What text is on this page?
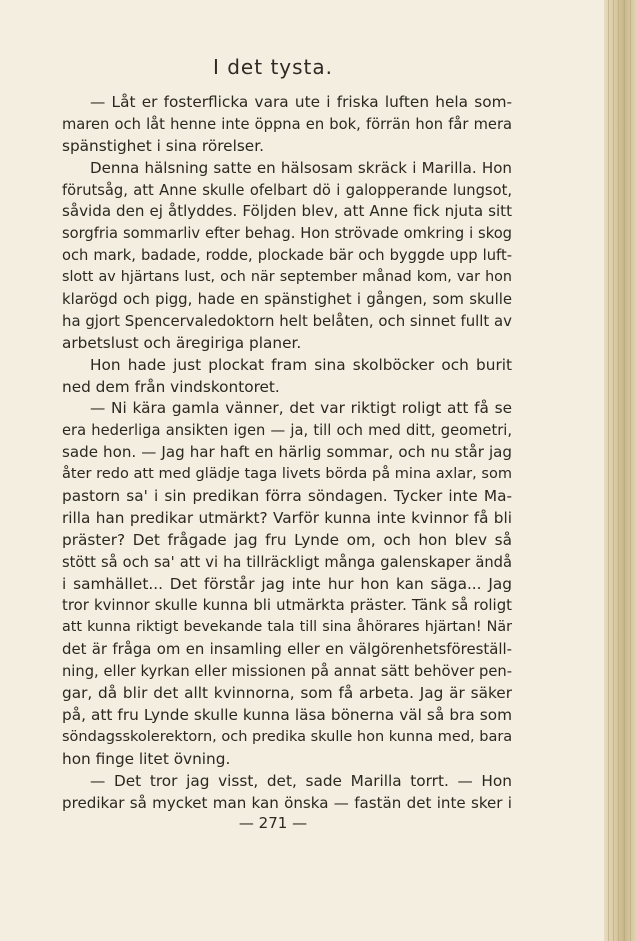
I det tysta.
— Låt er fosterflicka vara ute i friska luften hela som-
maren och låt henne inte öppna en bok, förrän hon får mera
spänstighet i sina rörelser.
Denna hälsning satte en hälsosam skräck i Marilla. Hon
förutsåg, att Anne skulle ofelbart dö i galopperande lungsot,
såvida den ej åtlyddes. Följden blev, att Anne fick njuta sitt
sorgfria sommarliv efter behag. Hon strövade omkring i skog
och mark, badade, rodde, plockade bär och byggde upp luft-
slott av hjärtans lust, och när september månad kom, var hon
klarögd och pigg, hade en spänstighet i gången, som skulle
ha gjort Spencervaledoktorn helt belåten, och sinnet fullt av
arbetslust och äregiriga planer.
Hon hade just plockat fram sina skolböcker och burit
ned dem från vindskontoret.
— Ni kära gamla vänner, det var riktigt roligt att få se
era hederliga ansikten igen — ja, till och med ditt, geometri,
sade hon. — Jag har haft en härlig sommar, och nu står jag
åter redo att med glädje taga livets börda på mina axlar, som
pastorn sa' i sin predikan förra söndagen. Tycker inte Ma-
rilla han predikar utmärkt? Varför kunna inte kvinnor få bli
präster? Det frågade jag fru Lynde om, och hon blev så
stött så och sa' att vi ha tillräckligt många galenskaper ändå
i samhället... Det förstår jag inte hur hon kan säga... Jag
tror kvinnor skulle kunna bli utmärkta präster. Tänk så roligt
att kunna riktigt bevekande tala till sina åhörares hjärtan! När
det är fråga om en insamling eller en välgörenhetsföreställ-
ning, eller kyrkan eller missionen på annat sätt behöver pen-
gar, då blir det allt kvinnorna, som få arbeta. Jag är säker
på, att fru Lynde skulle kunna läsa bönerna väl så bra som
söndagsskolerektorn, och predika skulle hon kunna med, bara
hon finge litet övning.
— Det tror jag visst, det, sade Marilla torrt. — Hon
predikar så mycket man kan önska — fastän det inte sker i
— 271 —
